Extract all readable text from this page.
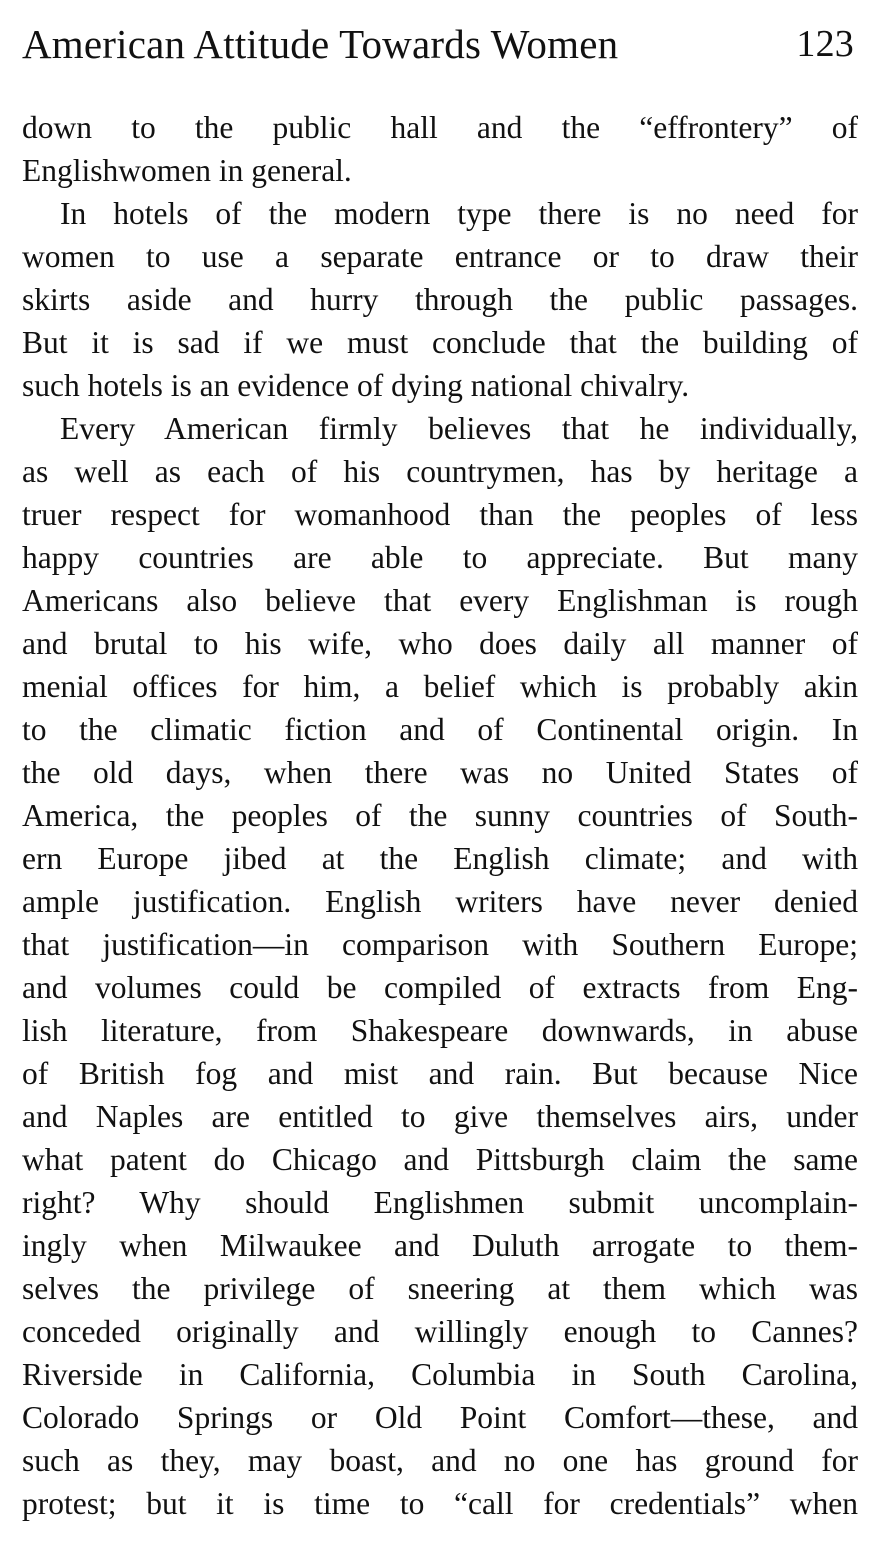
American Attitude Towards Women	123
down to the public hall and the “effrontery” of
Englishwomen in general.
In hotels of the modern type there is no need for
women to use a separate entrance or to draw their
skirts aside and hurry through the public passages.
But it is sad if we must conclude that the building of
such hotels is an evidence of dying national chivalry.
Every American firmly believes that he individually,
as well as each of his countrymen, has by heritage a
truer respect for womanhood than the peoples of less
happy countries are able to appreciate. But many
Americans also believe that every Englishman is rough
and brutal to his wife, who does daily all manner of
menial offices for him, a belief which is probably akin
to the climatic fiction and of Continental origin. In
the old days, when there was no United States of
America, the peoples of the sunny countries of South-
ern Europe jibed at the English climate; and with
ample justification. English writers have never denied
that justification—in comparison with Southern Europe;
and volumes could be compiled of extracts from Eng-
lish literature, from Shakespeare downwards, in abuse
of British fog and mist and rain. But because Nice
and Naples are entitled to give themselves airs, under
what patent do Chicago and Pittsburgh claim the same
right? Why should Englishmen submit uncomplain-
ingly when Milwaukee and Duluth arrogate to them-
selves the privilege of sneering at them which was
conceded originally and willingly enough to Cannes?
Riverside in California, Columbia in South Carolina,
Colorado Springs or Old Point Comfort—these, and
such as they, may boast, and no one has ground for
protest; but it is time to “call for credentials” when
